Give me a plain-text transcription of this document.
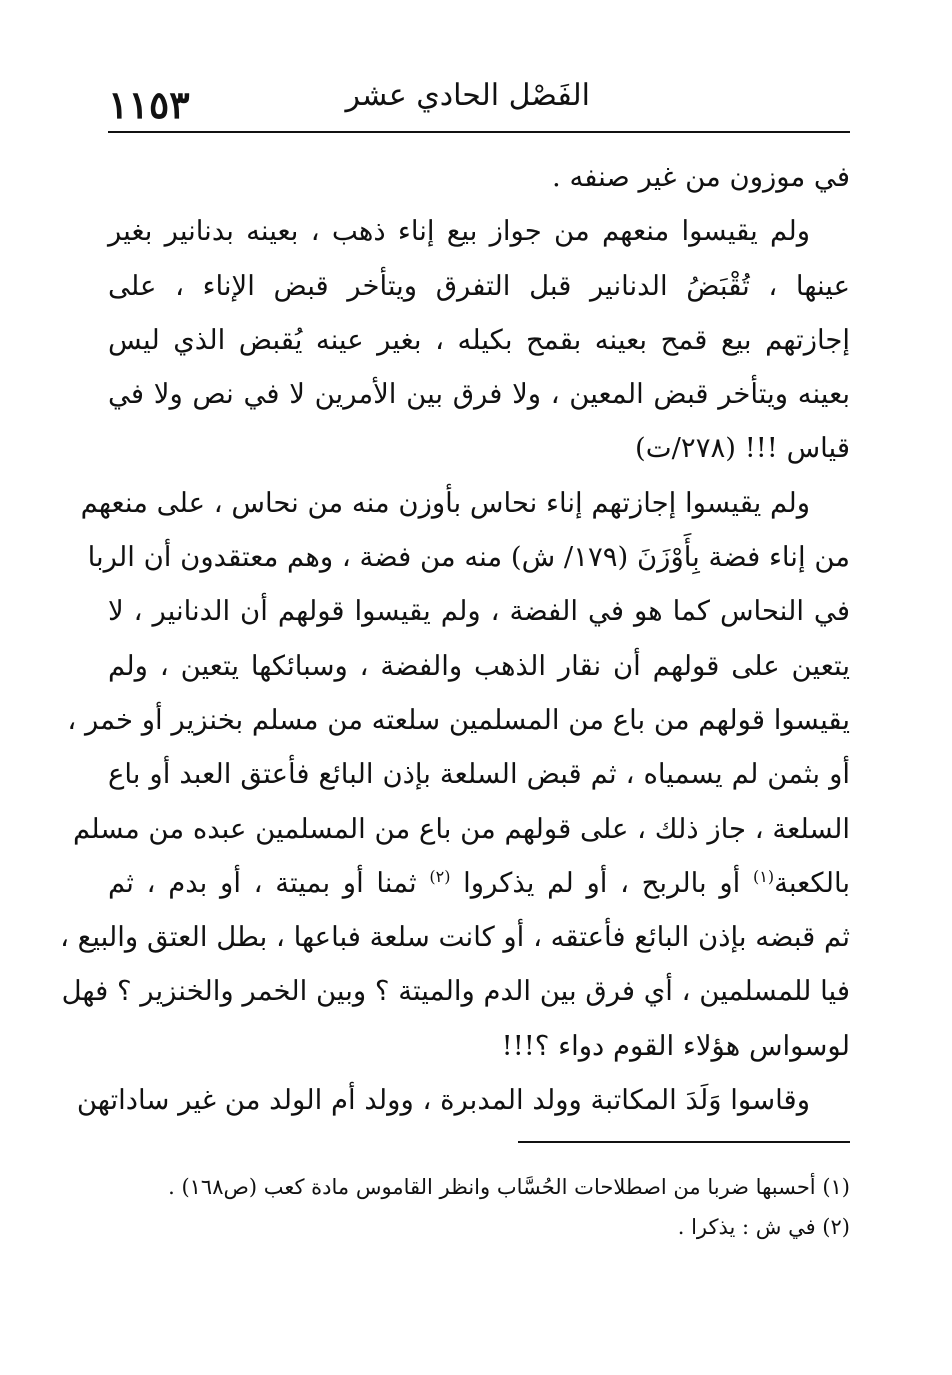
١١٥٣	الفَصْل الحادي عشر
في موزون من غير صنفه .
ولم يقيسوا منعهم من جواز بيع إناء ذهب ، بعينه بدنانير بغير
عينها ، تُقْبَضُ الدنانير قبل التفرق ويتأخر قبض الإناء ، على
إجازتهم بيع قمح بعينه بقمح بكيله ، بغير عينه يُقبض الذي ليس
بعينه ويتأخر قبض المعين ، ولا فرق بين الأمرين لا في نص ولا في
قياس !!! (٢٧٨/ت)
ولم يقيسوا إجازتهم إناء نحاس بأوزن منه من نحاس ، على منعهم
من إناء فضة بِأَوْزَنَ (١٧٩/ ش) منه من فضة ، وهم معتقدون أن الربا
في النحاس كما هو في الفضة ، ولم يقيسوا قولهم أن الدنانير ، لا
يتعين على قولهم أن نقار الذهب والفضة ، وسبائكها يتعين ، ولم
يقيسوا قولهم من باع من المسلمين سلعته من مسلم بخنزير أو خمر ،
أو بثمن لم يسمياه ، ثم قبض السلعة بإذن البائع فأعتق العبد أو باع
السلعة ، جاز ذلك ، على قولهم من باع من المسلمين عبده من مسلم
بالكعبة$^{(١)}$ أو بالربح ، أو لم يذكروا $^{(٢)}$ ثمنا أو بميتة ، أو بدم ، ثم
ثم قبضه بإذن البائع فأعتقه ، أو كانت سلعة فباعها ، بطل العتق والبيع ،
فيا للمسلمين ، أي فرق بين الدم والميتة ؟ وبين الخمر والخنزير ؟ فهل
لوسواس هؤلاء القوم دواء ؟!!!
وقاسوا وَلَدَ المكاتبة وولد المدبرة ، وولد أم الولد من غير ساداتهن
(١) أحسبها ضربا من اصطلاحات الحُسَّاب وانظر القاموس مادة كعب (ص١٦٨) .
(٢) في ش : يذكرا .
